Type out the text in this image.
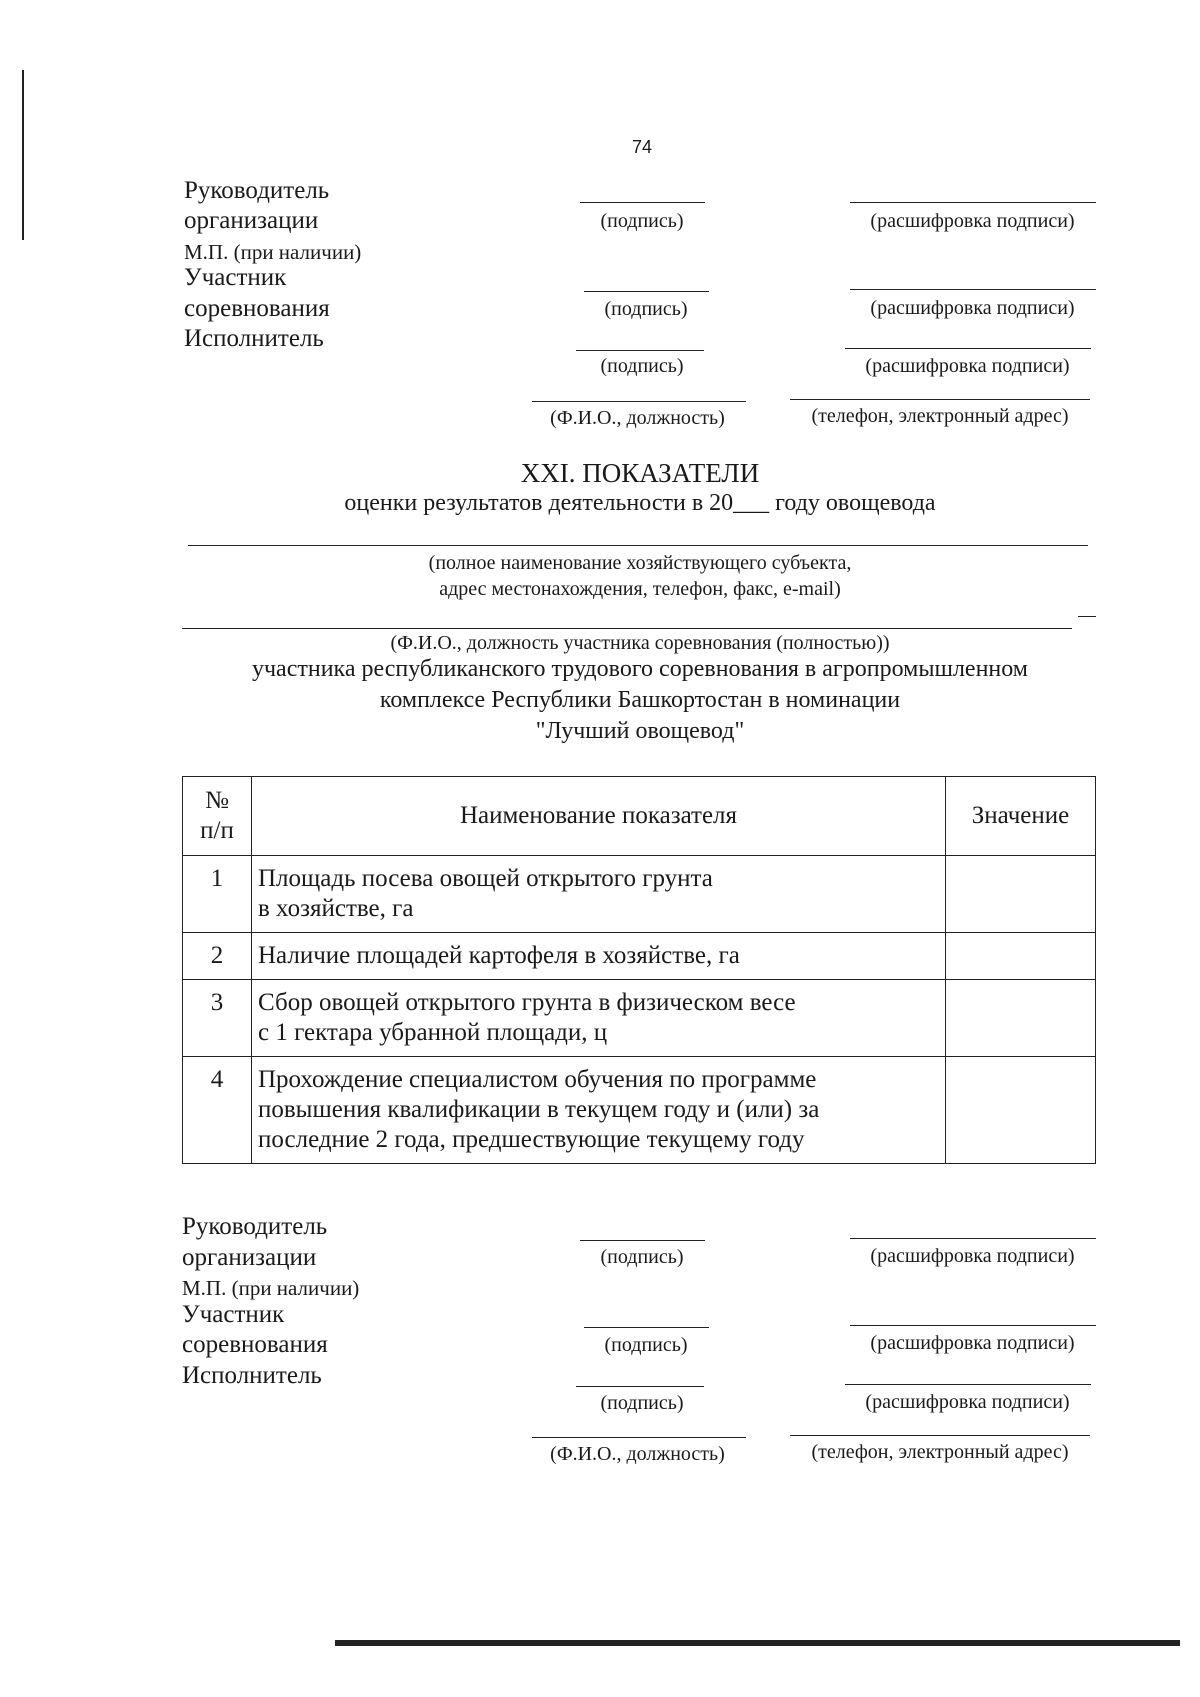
74
Руководитель
организации
М.П. (при наличии)
Участник
соревнования
Исполнитель
(подпись)	(расшифровка подписи)
(подпись)	(расшифровка подписи)
(подпись)	(расшифровка подписи)
(Ф.И.О., должность)	(телефон, электронный адрес)
XXI. ПОКАЗАТЕЛИ
оценки результатов деятельности в 20___ году овощевода
(полное наименование хозяйствующего субъекта,
адрес местонахождения, телефон, факс, e-mail)
(Ф.И.О., должность участника соревнования (полностью))
участника республиканского трудового соревнования в агропромышленном
комплексе Республики Башкортостан в номинации
"Лучший овощевод"
№
п/п	Наименование показателя	Значение
1	Площадь посева овощей открытого грунта
в хозяйстве, га	

2	Наличие площадей картофеля в хозяйстве, га	

3	Сбор овощей открытого грунта в физическом весе
с 1 гектара убранной площади, ц	

4	Прохождение специалистом обучения по программе
повышения квалификации в текущем году и (или) за
последние 2 года, предшествующие текущему году	

Руководитель
организации
М.П. (при наличии)
Участник
соревнования
Исполнитель
(подпись)	(расшифровка подписи)
(подпись)	(расшифровка подписи)
(подпись)	(расшифровка подписи)
(Ф.И.О., должность)	(телефон, электронный адрес)
